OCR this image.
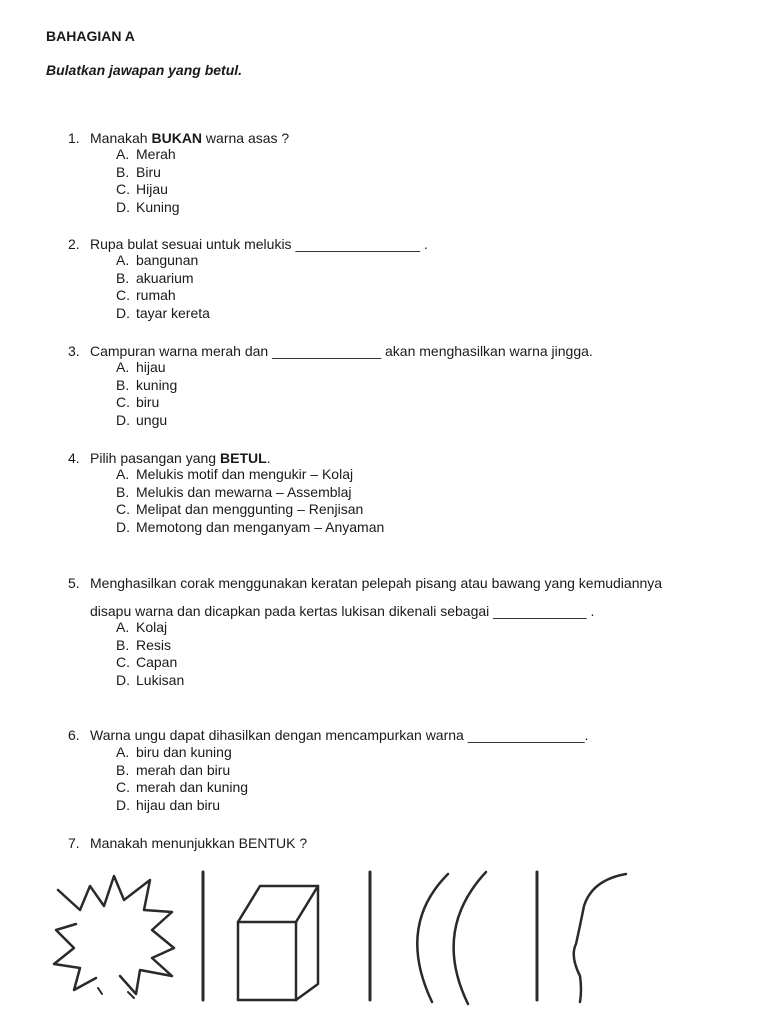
BAHAGIAN A
Bulatkan jawapan yang betul.
1. Manakah BUKAN warna asas ?
A. Merah
B. Biru
C. Hijau
D. Kuning
2. Rupa bulat sesuai untuk melukis ________________ .
A. bangunan
B. akuarium
C. rumah
D. tayar kereta
3. Campuran warna merah dan ______________ akan menghasilkan warna jingga.
A. hijau
B. kuning
C. biru
D. ungu
4. Pilih pasangan yang BETUL.
A. Melukis motif dan mengukir – Kolaj
B. Melukis dan mewarna – Assemblaj
C. Melipat dan menggunting – Renjisan
D. Memotong dan menganyam – Anyaman
5. Menghasilkan corak menggunakan keratan pelepah pisang atau bawang yang kemudiannya
disapu warna dan dicapkan pada kertas lukisan dikenali sebagai ____________ .
A. Kolaj
B. Resis
C. Capan
D. Lukisan
6. Warna ungu dapat dihasilkan dengan mencampurkan warna _______________.
A. biru dan kuning
B. merah dan biru
C. merah dan kuning
D. hijau dan biru
7. Manakah menunjukkan BENTUK ?
